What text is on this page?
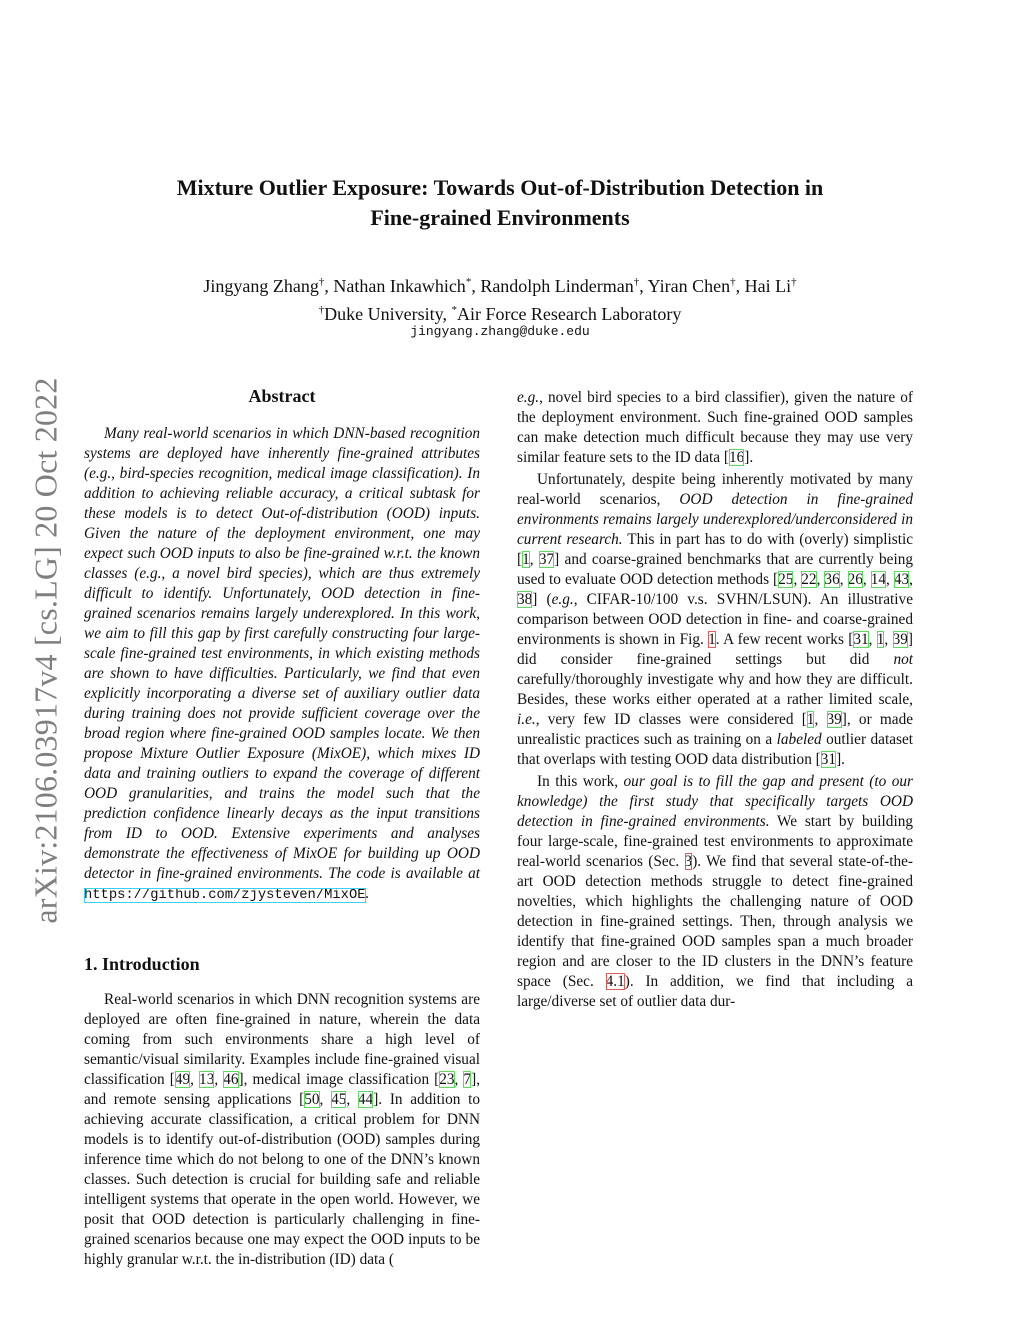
arXiv:2106.03917v4 [cs.LG] 20 Oct 2022
Mixture Outlier Exposure: Towards Out-of-Distribution Detection in
Fine-grained Environments
Jingyang Zhang†, Nathan Inkawhich*, Randolph Linderman†, Yiran Chen†, Hai Li†
†Duke University, *Air Force Research Laboratory
jingyang.zhang@duke.edu
Abstract

Many real-world scenarios in which DNN-based recognition systems are deployed have inherently fine-grained attributes (e.g., bird-species recognition, medical image classification). In addition to achieving reliable accuracy, a critical subtask for these models is to detect Out-of-distribution (OOD) inputs. Given the nature of the deployment environment, one may expect such OOD inputs to also be fine-grained w.r.t. the known classes (e.g., a novel bird species), which are thus extremely difficult to identify. Unfortunately, OOD detection in fine-grained scenarios remains largely underexplored. In this work, we aim to fill this gap by first carefully constructing four large-scale fine-grained test environments, in which existing methods are shown to have difficulties. Particularly, we find that even explicitly incorporating a diverse set of auxiliary outlier data during training does not provide sufficient coverage over the broad region where fine-grained OOD samples locate. We then propose Mixture Outlier Exposure (MixOE), which mixes ID data and training outliers to expand the coverage of different OOD granularities, and trains the model such that the prediction confidence linearly decays as the input transitions from ID to OOD. Extensive experiments and analyses demonstrate the effectiveness of MixOE for building up OOD detector in fine-grained environments. The code is available at https://github.com/zjysteven/MixOE.

1. Introduction

Real-world scenarios in which DNN recognition systems are deployed are often fine-grained in nature, wherein the data coming from such environments share a high level of semantic/visual similarity. Examples include fine-grained visual classification [49, 13, 46], medical image classification [23, 7], and remote sensing applications [50, 45, 44]. In addition to achieving accurate classification, a critical problem for DNN models is to identify out-of-distribution (OOD) samples during inference time which do not belong to one of the DNN’s known classes. Such detection is crucial for building safe and reliable intelligent systems that operate in the open world. However, we posit that OOD detection is particularly challenging in fine-grained scenarios because one may expect the OOD inputs to be highly granular w.r.t. the in-distribution (ID) data (

e.g., novel bird species to a bird classifier), given the nature of the deployment environment. Such fine-grained OOD samples can make detection much difficult because they may use very similar feature sets to the ID data [16].

Unfortunately, despite being inherently motivated by many real-world scenarios, OOD detection in fine-grained environments remains largely underexplored/underconsidered in current research. This in part has to do with (overly) simplistic [1, 37] and coarse-grained benchmarks that are currently being used to evaluate OOD detection methods [25, 22, 36, 26, 14, 43, 38] (e.g., CIFAR-10/100 v.s. SVHN/LSUN). An illustrative comparison between OOD detection in fine- and coarse-grained environments is shown in Fig. 1. A few recent works [31, 1, 39] did consider fine-grained settings but did not carefully/thoroughly investigate why and how they are difficult. Besides, these works either operated at a rather limited scale, i.e., very few ID classes were considered [1, 39], or made unrealistic practices such as training on a labeled outlier dataset that overlaps with testing OOD data distribution [31].

In this work, our goal is to fill the gap and present (to our knowledge) the first study that specifically targets OOD detection in fine-grained environments. We start by building four large-scale, fine-grained test environments to approximate real-world scenarios (Sec. 3). We find that several state-of-the-art OOD detection methods struggle to detect fine-grained novelties, which highlights the challenging nature of OOD detection in fine-grained settings. Then, through analysis we identify that fine-grained OOD samples span a much broader region and are closer to the ID clusters in the DNN’s feature space (Sec. 4.1). In addition, we find that including a large/diverse set of outlier data dur-
